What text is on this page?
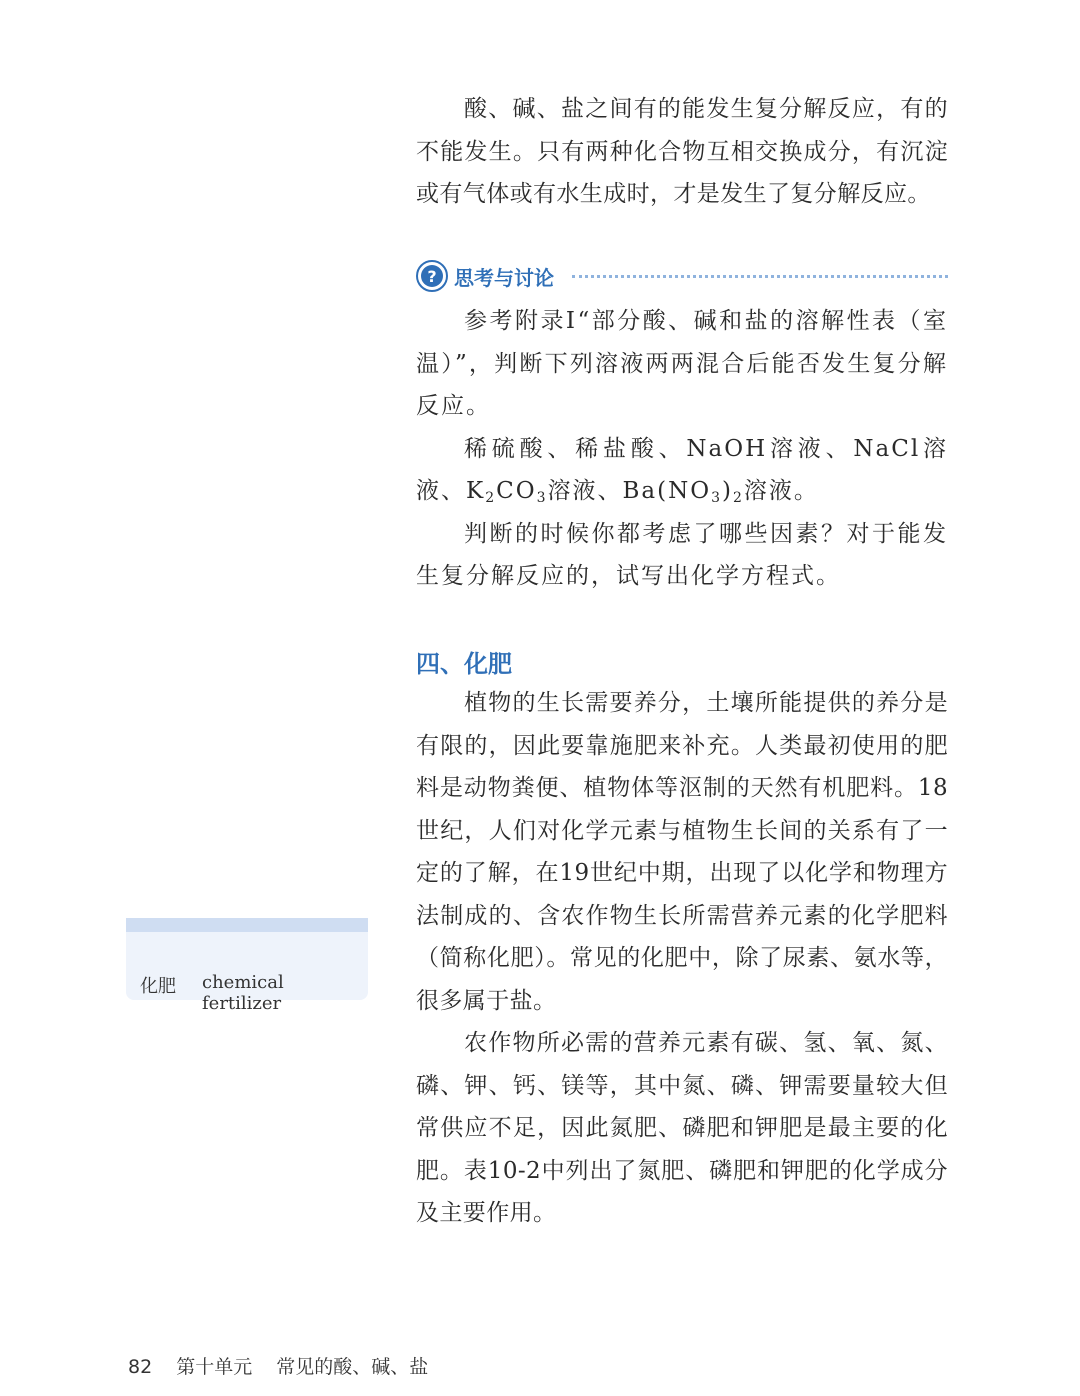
酸、碱、盐之间有的能发生复分解反应，有的不能发生。只有两种化合物互相交换成分，有沉淀或有气体或有水生成时，才是发生了复分解反应。

? 思考与讨论

参考附录Ⅰ“部分酸、碱和盐的溶解性表（室温）”，判断下列溶液两两混合后能否发生复分解反应。

稀硫酸、稀盐酸、NaOH溶液、NaCl溶液、$K_2CO_3$溶液、$Ba(NO_3)_2$溶液。

判断的时候你都考虑了哪些因素？对于能发生复分解反应的，试写出化学方程式。

四、化肥

植物的生长需要养分，土壤所能提供的养分是有限的，因此要靠施肥来补充。人类最初使用的肥料是动物粪便、植物体等沤制的天然有机肥料。18世纪，人们对化学元素与植物生长间的关系有了一定的了解，在19世纪中期，出现了以化学和物理方法制成的、含农作物生长所需营养元素的化学肥料（简称化肥）。常见的化肥中，除了尿素、氨水等，很多属于盐。

农作物所必需的营养元素有碳、氢、氧、氮、磷、钾、钙、镁等，其中氮、磷、钾需要量较大但常供应不足，因此氮肥、磷肥和钾肥是最主要的化肥。表10-2中列出了氮肥、磷肥和钾肥的化学成分及主要作用。

化肥 chemical fertilizer
82 第十单元 常见的酸、碱、盐
